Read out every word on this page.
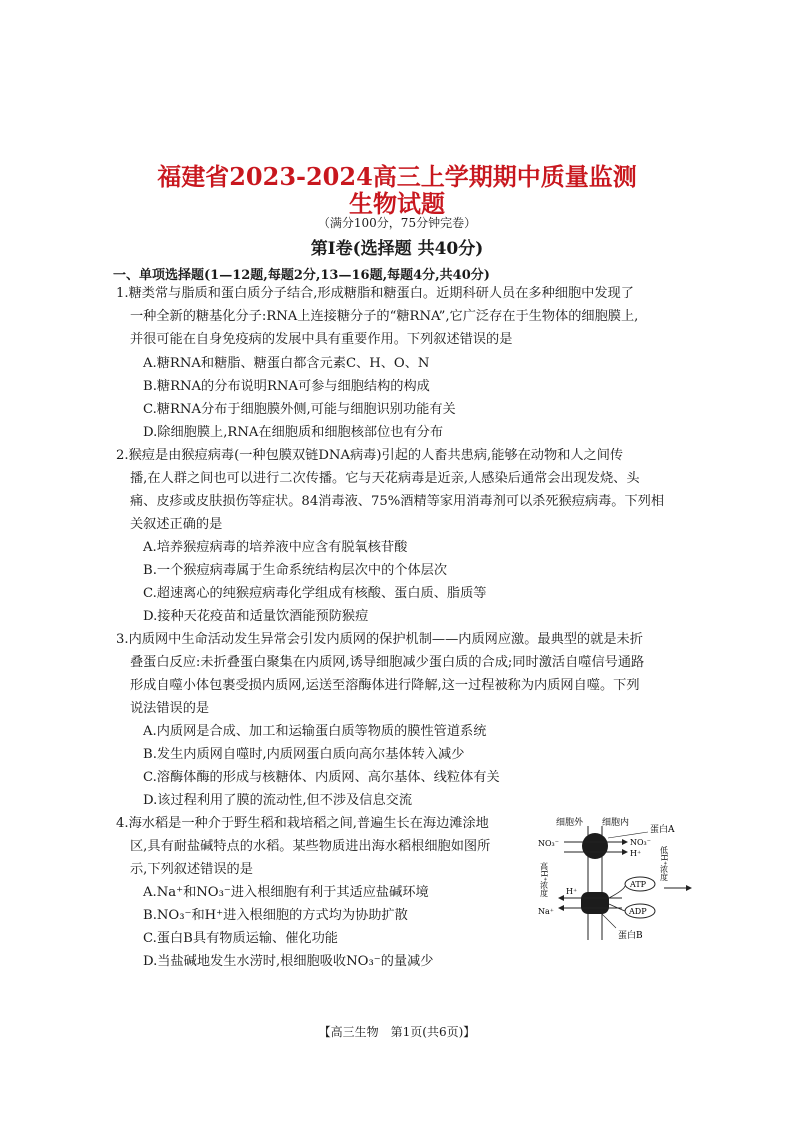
福建省2023-2024高三上学期期中质量监测
生物试题
（满分100分，75分钟完卷）
第Ⅰ卷(选择题 共40分)
一、单项选择题(1—12题,每题2分,13—16题,每题4分,共40分)
1.糖类常与脂质和蛋白质分子结合,形成糖脂和糖蛋白。近期科研人员在多种细胞中发现了
一种全新的糖基化分子:RNA上连接糖分子的“糖RNA”,它广泛存在于生物体的细胞膜上,
并很可能在自身免疫病的发展中具有重要作用。下列叙述错误的是
A.糖RNA和糖脂、糖蛋白都含元素C、H、O、N
B.糖RNA的分布说明RNA可参与细胞结构的构成
C.糖RNA分布于细胞膜外侧,可能与细胞识别功能有关
D.除细胞膜上,RNA在细胞质和细胞核部位也有分布
2.猴痘是由猴痘病毒(一种包膜双链DNA病毒)引起的人畜共患病,能够在动物和人之间传
播,在人群之间也可以进行二次传播。它与天花病毒是近亲,人感染后通常会出现发烧、头
痛、皮疹或皮肤损伤等症状。84消毒液、75%酒精等家用消毒剂可以杀死猴痘病毒。下列相
关叙述正确的是
A.培养猴痘病毒的培养液中应含有脱氧核苷酸
B.一个猴痘病毒属于生命系统结构层次中的个体层次
C.超速离心的纯猴痘病毒化学组成有核酸、蛋白质、脂质等
D.接种天花疫苗和适量饮酒能预防猴痘
3.内质网中生命活动发生异常会引发内质网的保护机制——内质网应激。最典型的就是未折
叠蛋白反应:未折叠蛋白聚集在内质网,诱导细胞减少蛋白质的合成;同时激活自噬信号通路
形成自噬小体包裹受损内质网,运送至溶酶体进行降解,这一过程被称为内质网自噬。下列
说法错误的是
A.内质网是合成、加工和运输蛋白质等物质的膜性管道系统
B.发生内质网自噬时,内质网蛋白质向高尔基体转入减少
C.溶酶体酶的形成与核糖体、内质网、高尔基体、线粒体有关
D.该过程利用了膜的流动性,但不涉及信息交流
4.海水稻是一种介于野生稻和栽培稻之间,普遍生长在海边滩涂地
区,具有耐盐碱特点的水稻。某些物质进出海水稻根细胞如图所
示,下列叙述错误的是
A.Na⁺和NO₃⁻进入根细胞有利于其适应盐碱环境
B.NO₃⁻和H⁺进入根细胞的方式均为协助扩散
C.蛋白B具有物质运输、催化功能
D.当盐碱地发生水涝时,根细胞吸收NO₃⁻的量减少
细胞外 细胞内
蛋白A
NO₃⁻	NO₃⁻
H⁺
H⁺
Na⁺
ATP
ADP
蛋白B
高H⁺浓度	低H⁺浓度
【高三生物　第1页(共6页)】
